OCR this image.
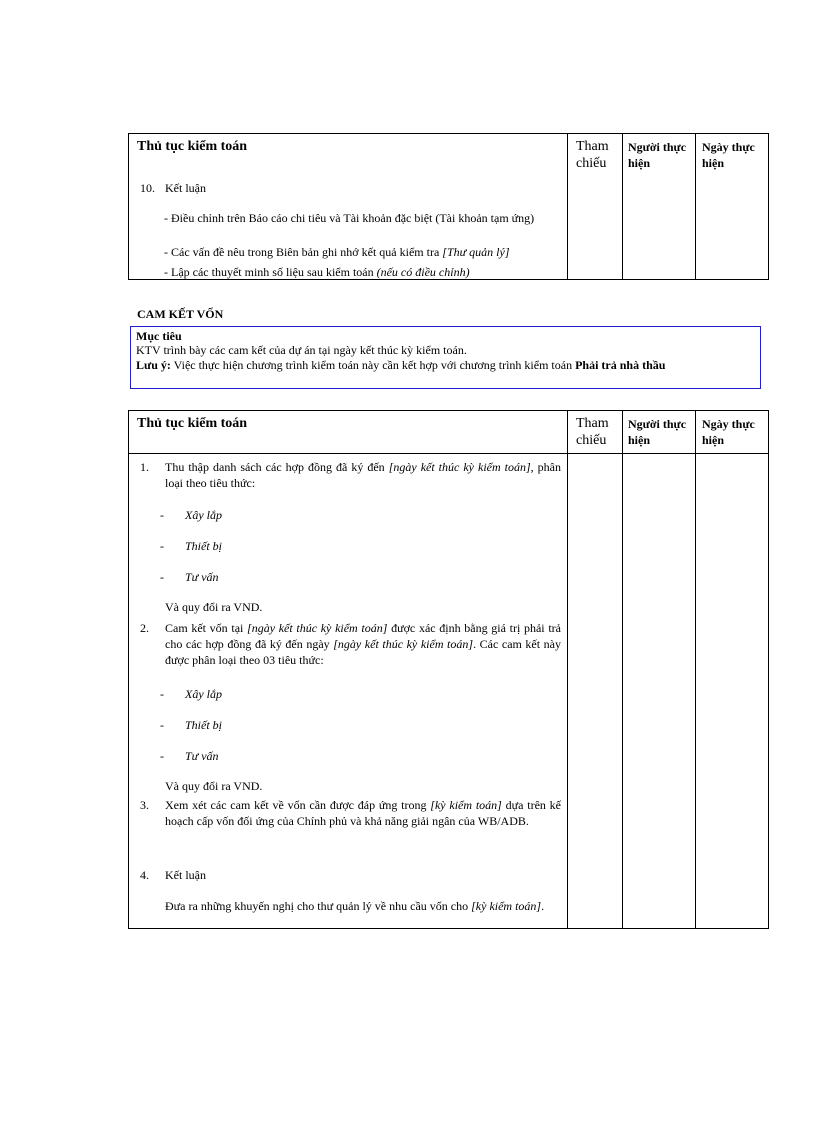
Thủ tục kiểm toán	Tham chiếu
Người thực hiện
Ngày thực hiện
10. Kết luận
- Điều chỉnh trên Báo cáo chi tiêu và Tài khoản đặc biệt (Tài khoản tạm ứng)
- Các vấn đề nêu trong Biên bản ghi nhớ kết quả kiểm tra [Thư quản lý]
- Lập các thuyết minh số liệu sau kiểm toán (nếu có điều chỉnh)
CAM KẾT VỐN
Mục tiêu
KTV trình bày các cam kết của dự án tại ngày kết thúc kỳ kiểm toán.
Lưu ý: Việc thực hiện chương trình kiểm toán này cần kết hợp với chương trình kiểm toán Phải trả nhà thầu
Thủ tục kiểm toán	Tham chiếu
Người thực hiện
Ngày thực hiện
1. Thu thập danh sách các hợp đồng đã ký đến [ngày kết thúc kỳ kiểm toán], phân loại theo tiêu thức:
- Xây lắp
- Thiết bị
- Tư vấn
Và quy đổi ra VND.
2. Cam kết vốn tại [ngày kết thúc kỳ kiểm toán] được xác định bằng giá trị phải trả cho các hợp đồng đã ký đến ngày [ngày kết thúc kỳ kiểm toán]. Các cam kết này được phân loại theo 03 tiêu thức:
- Xây lắp
- Thiết bị
- Tư vấn
Và quy đổi ra VND.
3. Xem xét các cam kết về vốn cần được đáp ứng trong [kỳ kiểm toán] dựa trên kế hoạch cấp vốn đối ứng của Chính phủ và khả năng giải ngân của WB/ADB.
4. Kết luận
Đưa ra những khuyến nghị cho thư quản lý về nhu cầu vốn cho [kỳ kiểm toán].
